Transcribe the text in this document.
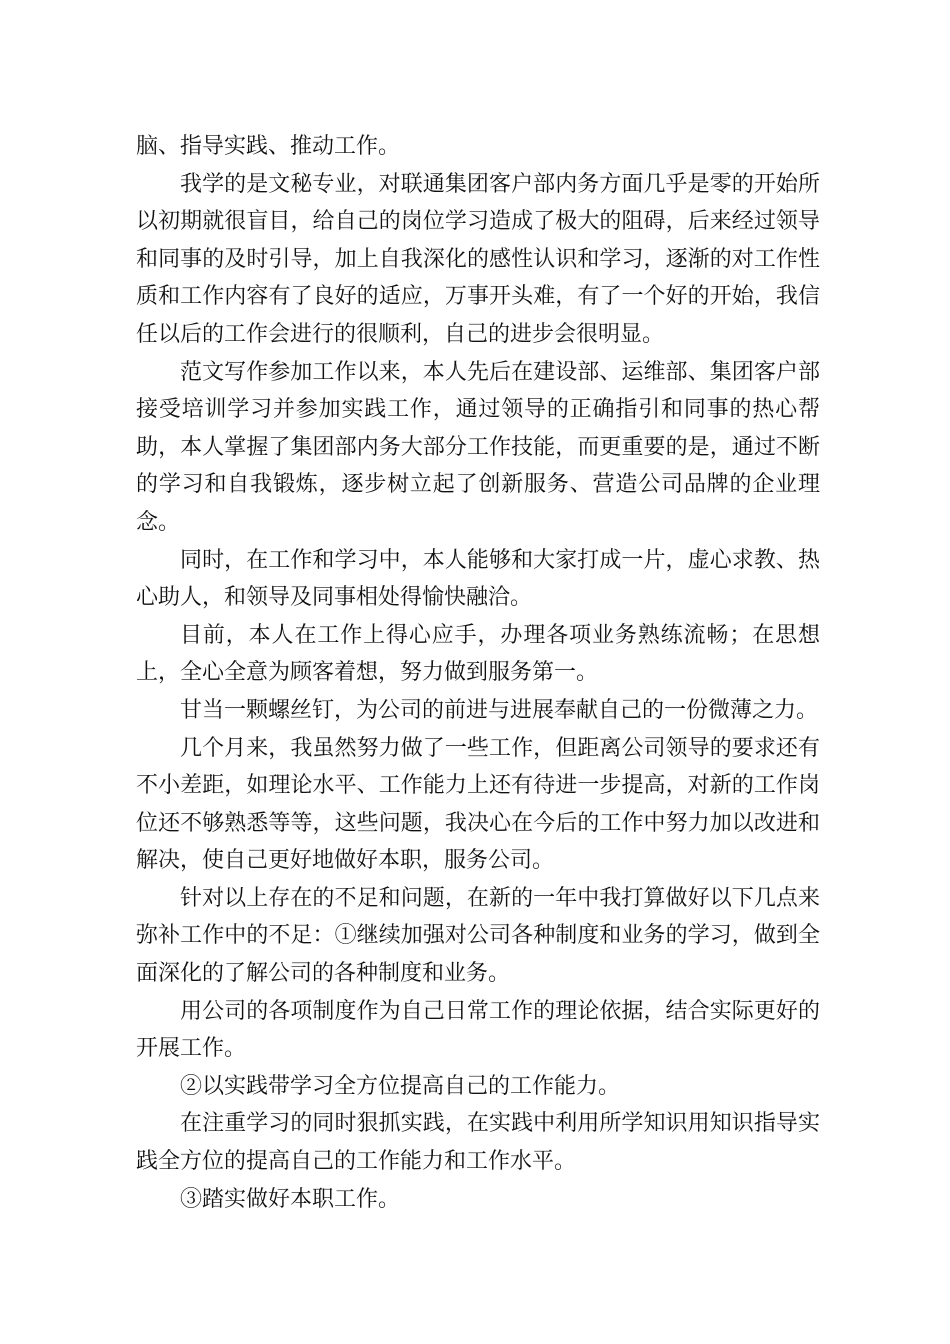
脑、指导实践、推动工作。

我学的是文秘专业，对联通集团客户部内务方面几乎是零的开始所以初期就很盲目，给自己的岗位学习造成了极大的阻碍，后来经过领导和同事的及时引导，加上自我深化的感性认识和学习，逐渐的对工作性质和工作内容有了良好的适应，万事开头难，有了一个好的开始，我信任以后的工作会进行的很顺利，自己的进步会很明显。

范文写作参加工作以来，本人先后在建设部、运维部、集团客户部接受培训学习并参加实践工作，通过领导的正确指引和同事的热心帮助，本人掌握了集团部内务大部分工作技能，而更重要的是，通过不断的学习和自我锻炼，逐步树立起了创新服务、营造公司品牌的企业理念。

同时，在工作和学习中，本人能够和大家打成一片，虚心求教、热心助人，和领导及同事相处得愉快融洽。

目前，本人在工作上得心应手，办理各项业务熟练流畅；在思想上，全心全意为顾客着想，努力做到服务第一。

甘当一颗螺丝钉，为公司的前进与进展奉献自己的一份微薄之力。

几个月来，我虽然努力做了一些工作，但距离公司领导的要求还有不小差距，如理论水平、工作能力上还有待进一步提高，对新的工作岗位还不够熟悉等等，这些问题，我决心在今后的工作中努力加以改进和解决，使自己更好地做好本职，服务公司。

针对以上存在的不足和问题，在新的一年中我打算做好以下几点来弥补工作中的不足：①继续加强对公司各种制度和业务的学习，做到全面深化的了解公司的各种制度和业务。

用公司的各项制度作为自己日常工作的理论依据，结合实际更好的开展工作。

②以实践带学习全方位提高自己的工作能力。

在注重学习的同时狠抓实践，在实践中利用所学知识用知识指导实践全方位的提高自己的工作能力和工作水平。

③踏实做好本职工作。
